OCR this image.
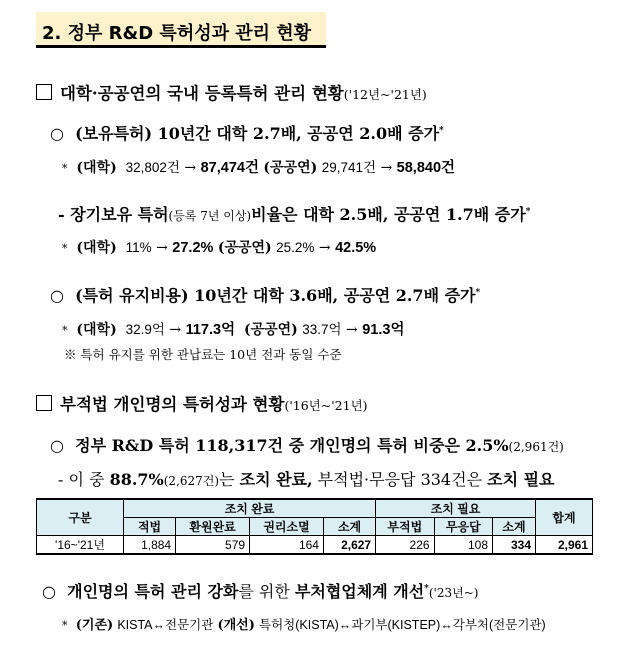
2. 정부 R&D 특허성과 관리 현황
대학·공공연의 국내 등록특허 관리 현황('12년~'21년)
○ (보유특허) 10년간 대학 2.7배, 공공연 2.0배 증가*
* (대학) 32,802건 → 87,474건 (공공연) 29,741건 → 58,840건
- 장기보유 특허(등록 7년 이상)비율은 대학 2.5배, 공공연 1.7배 증가*
* (대학) 11% → 27.2% (공공연) 25.2% → 42.5%
○ (특허 유지비용) 10년간 대학 3.6배, 공공연 2.7배 증가*
* (대학) 32.9억 → 117.3억 (공공연) 33.7억 → 91.3억
※ 특허 유지를 위한 관납료는 10년 전과 동일 수준
부적법 개인명의 특허성과 현황('16년~'21년)
○ 정부 R&D 특허 118,317건 중 개인명의 특허 비중은 2.5%(2,961건)
- 이 중 88.7%(2,627건)는 조치 완료, 부적법·무응답 334건은 조치 필요
구분	조치 완료				조치 필요			합계
	적법	환원완료	권리소멸	소계	부적법	무응답	소계	
'16~'21년	1,884	579	164	2,627	226	108	334	2,961
○ 개인명의 특허 관리 강화를 위한 부처협업체계 개선*('23년~)
* (기존) KISTA↔전문기관 (개선) 특허청(KISTA)↔과기부(KISTEP)↔각부처(전문기관)
